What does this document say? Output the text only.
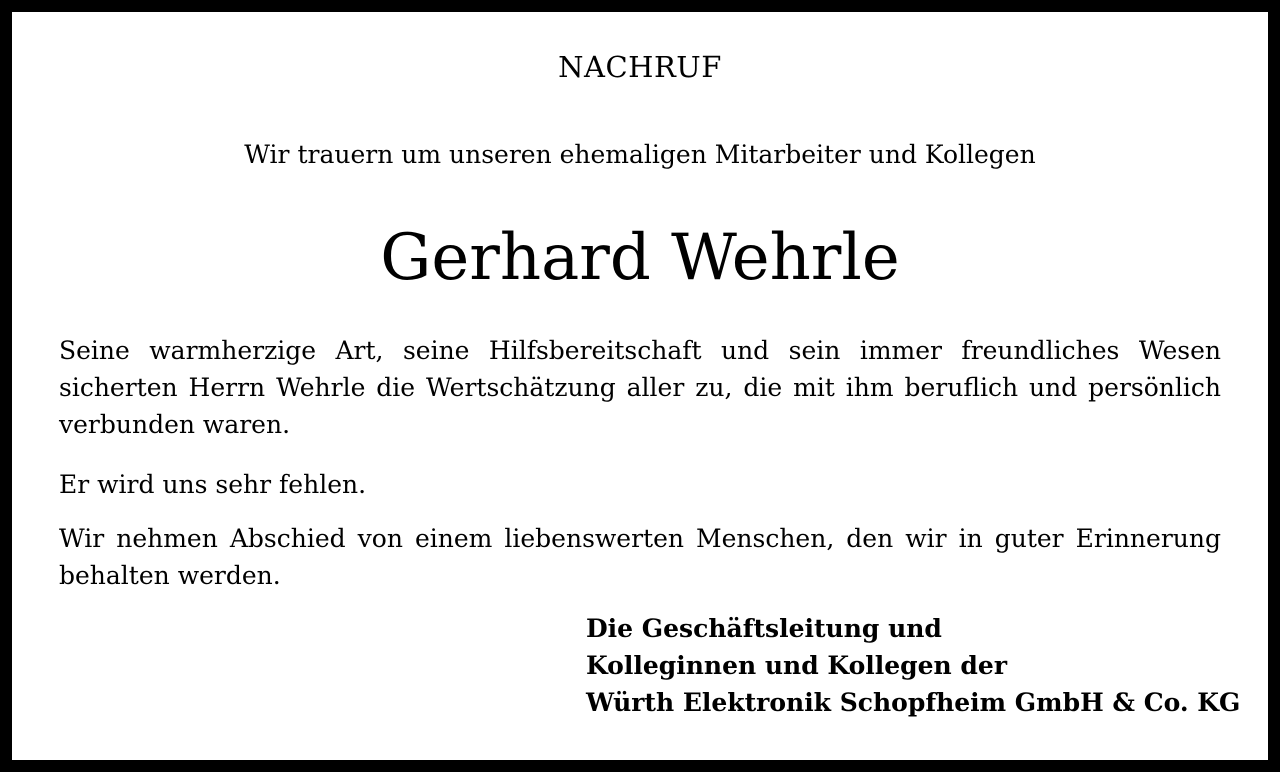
NACHRUF
Wir trauern um unseren ehemaligen Mitarbeiter und Kollegen
Gerhard Wehrle
Seine warmherzige Art, seine Hilfsbereitschaft und sein immer freundliches Wesen sicherten Herrn Wehrle die Wertschätzung aller zu, die mit ihm beruflich und persönlich verbunden waren.
Er wird uns sehr fehlen.
Wir nehmen Abschied von einem liebenswerten Menschen, den wir in guter Erinnerung behalten werden.
Die Geschäftsleitung und
Kolleginnen und Kollegen der
Würth Elektronik Schopfheim GmbH & Co. KG
